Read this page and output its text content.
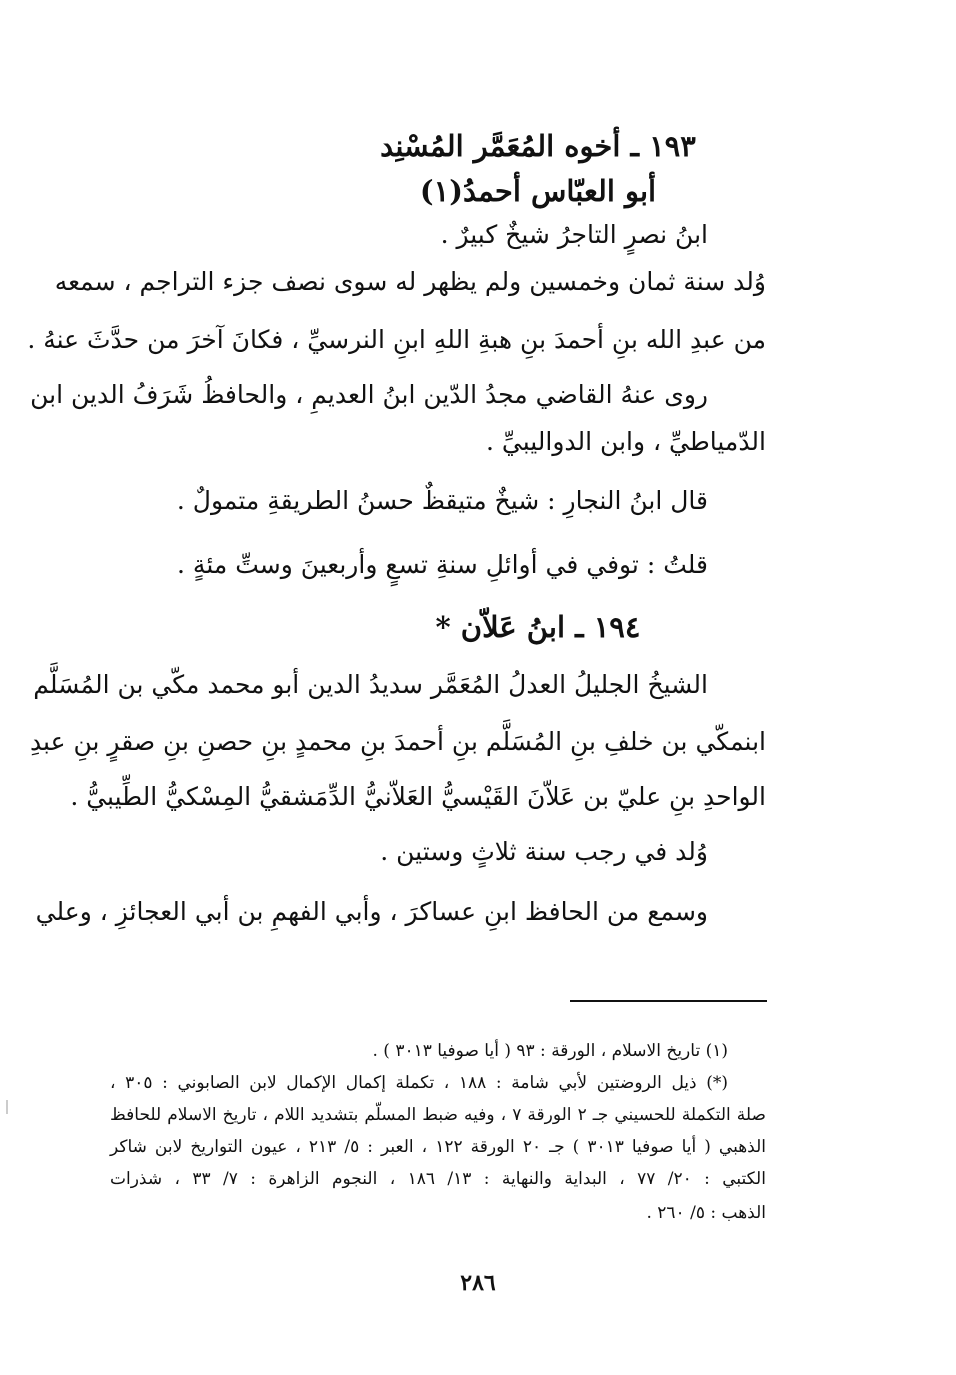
١٩٣ ـ أخوه المُعَمَّر المُسْنِد
أبو العبّاس أحمدُ(١)
ابنُ نصرٍ التاجرُ شيخٌ كبيرٌ .
وُلد سنة ثمان وخمسين ولم يظهر له سوى نصف جزء التراجم ، سمعه
من عبدِ الله بنِ أحمدَ بنِ هبةِ اللهِ ابنِ النرسيِّ ، فكانَ آخرَ من حدَّثَ عنهُ .
روى عنهُ القاضي مجدُ الدّين ابنُ العديمِ ، والحافظُ شَرَفُ الدين ابن
الدّمياطيِّ ، وابن الدواليبيِّ .
قال ابنُ النجارِ : شيخٌ متيقظٌ حسنُ الطريقةِ متمولٌ .
قلتُ : توفي في أوائلِ سنةِ تسعٍ وأربعينَ وستِّ مئةٍ .
١٩٤ ـ ابنُ عَلاّن *
الشيخُ الجليلُ العدلُ المُعَمَّر سديدُ الدين أبو محمد مكّي بن المُسَلَّم
ابنمكّي بن خلفِ بنِ المُسَلَّم بنِ أحمدَ بنِ محمدٍ بنِ حصنِ بنِ صقرٍ بنِ عبدِ
الواحدِ بنِ عليّ بن عَلاّنَ القَيْسيُّ العَلاّنيُّ الدِّمَشقيُّ المِسْكيُّ الطِّيبيُّ .
وُلد في رجب سنة ثلاثٍ وستين .
وسمع من الحافظ ابنِ عساكرَ ، وأبي الفهمِ بن أبي العجائزِ ، وعلي
(١) تاريخ الاسلام ، الورقة : ٩٣ ( أيا صوفيا ٣٠١٣ ) .
(*) ذيل الروضتين لأبي شامة : ١٨٨ ، تكملة إكمال الإكمال لابن الصابوني : ٣٠٥ ،
صلة التكملة للحسيني جـ ٢ الورقة ٧ ، وفيه ضبط المسلّم بتشديد اللام ، تاريخ الاسلام للحافظ
الذهبي ( أيا صوفيا ٣٠١٣ ) جـ ٢٠ الورقة ١٢٢ ، العبر : ٥/ ٢١٣ ، عيون التواريخ لابن شاكر
الكتبي : ٢٠/ ٧٧ ، البداية والنهاية : ١٣/ ١٨٦ ، النجوم الزاهرة : ٧/ ٣٣ ، شذرات
الذهب : ٥/ ٢٦٠ .
٢٨٦
